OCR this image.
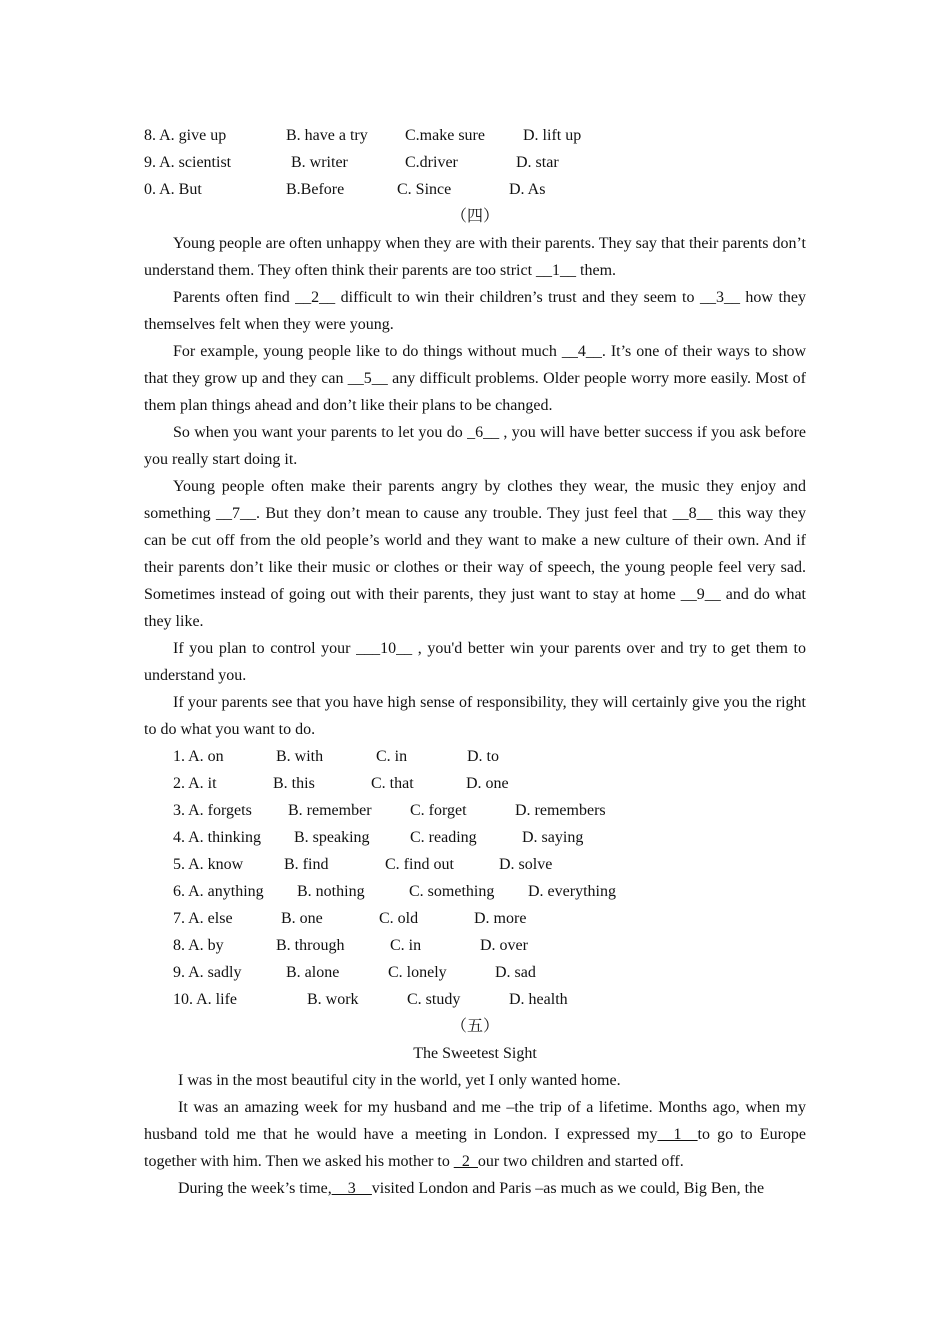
8. A. give up	B. have a try C.make sure D. lift up
9. A. scientist	B. writer	C.driver	D. star
0. A. But	B.Before	C. Since	D. As
（四）

Young people are often unhappy when they are with their parents. They say that their parents don’t understand them. They often think their parents are too strict __1__ them.

Parents often find __2__ difficult to win their children’s trust and they seem to __3__ how they themselves felt when they were young.

For example, young people like to do things without much __4__. It’s one of their ways to show that they grow up and they can __5__ any difficult problems. Older people worry more easily. Most of them plan things ahead and don’t like their plans to be changed.

So when you want your parents to let you do _6__ , you will have better success if you ask before you really start doing it.

Young people often make their parents angry by clothes they wear, the music they enjoy and something __7__. But they don’t mean to cause any trouble. They just feel that __8__ this way they can be cut off from the old people’s world and they want to make a new culture of their own. And if their parents don’t like their music or clothes or their way of speech, the young people feel very sad. Sometimes instead of going out with their parents, they just want to stay at home __9__ and do what they like.

If you plan to control your ___10__ , you'd better win your parents over and try to get them to understand you.

If your parents see that you have high sense of responsibility, they will certainly give you the right to do what you want to do.

1. A. on	B. with	C. in	D. to
2. A. it	B. this	C. that	D. one
3. A. forgets B. remember C. forget	D. remembers
4. A. thinking B. speaking	C. reading	D. saying
5. A. know	B. find	C. find out	D. solve
6. A. anything B. nothing	C. something D. everything
7. A. else	B. one	C. old	D. more
8. A. by	B. through	C. in	D. over
9. A. sadly	B. alone	C. lonely	D. sad
10. A. life	B. work	C. study	D. health
（五）
The Sweetest Sight

I was in the most beautiful city in the world, yet I only wanted home.

It was an amazing week for my husband and me –the trip of a lifetime. Months ago, when my husband told me that he would have a meeting in London. I expressed my__1__to go to Europe together with him. Then we asked his mother to _2_our two children and started off.

During the week’s time,__3__visited London and Paris –as much as we could, Big Ben, the
